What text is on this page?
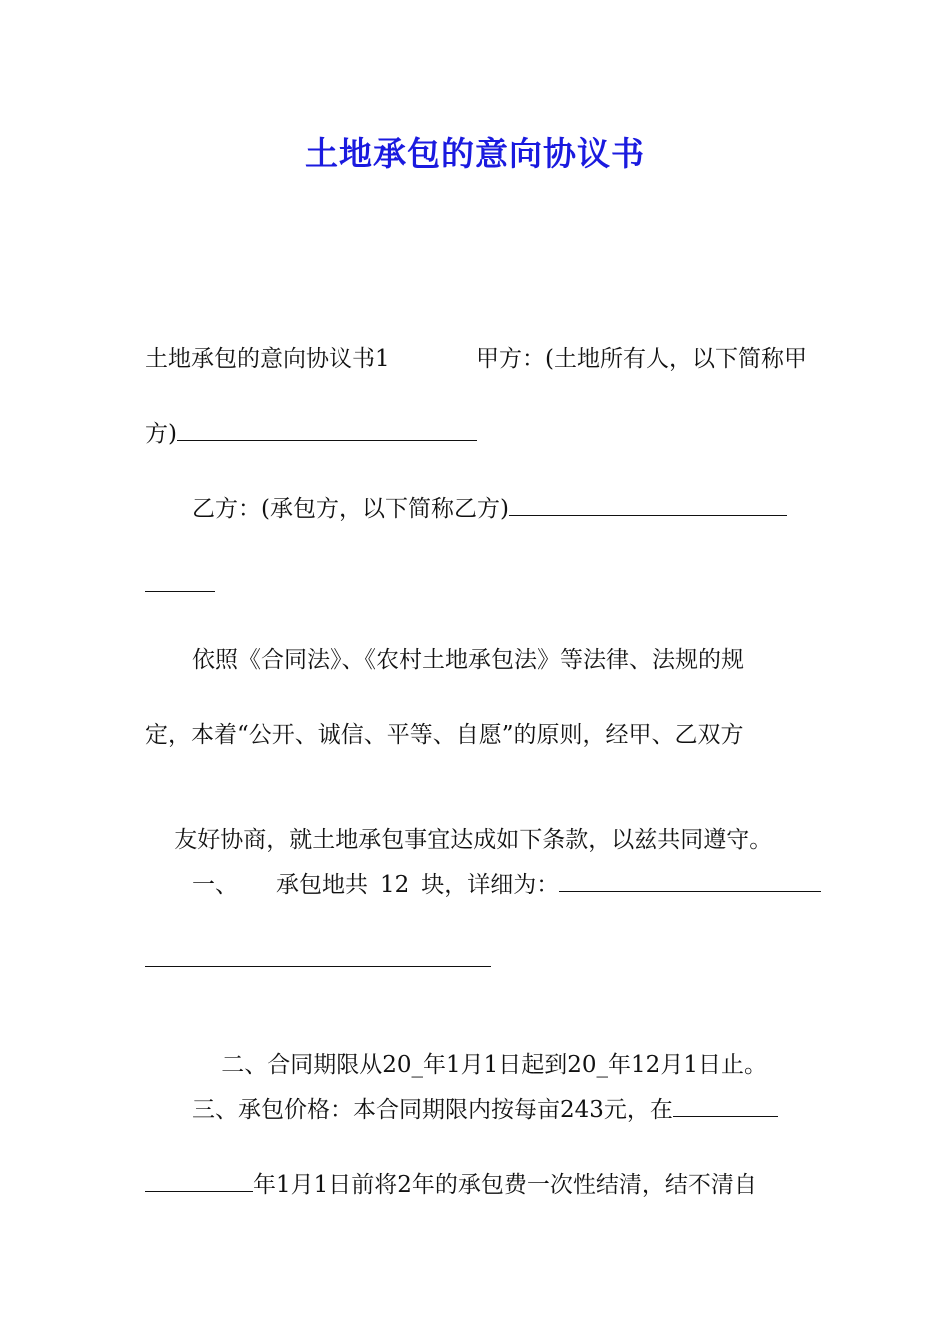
土地承包的意向协议书
土地承包的意向协议书1	甲方：(土地所有人，以下简称甲
方)
乙方：(承包方，以下简称乙方)
依照《合同法》、《农村土地承包法》等法律、法规的规
定，本着“公开、诚信、平等、自愿”的原则，经甲、乙双方

友好协商，就土地承包事宜达成如下条款，以兹共同遵守。

一、 承包地共 12 块，详细为：

二、合同期限从20_年1月1日起到20_年12月1日止。

三、承包价格：本合同期限内按每亩243元，在
年1月1日前将2年的承包费一次性结清，结不清自
